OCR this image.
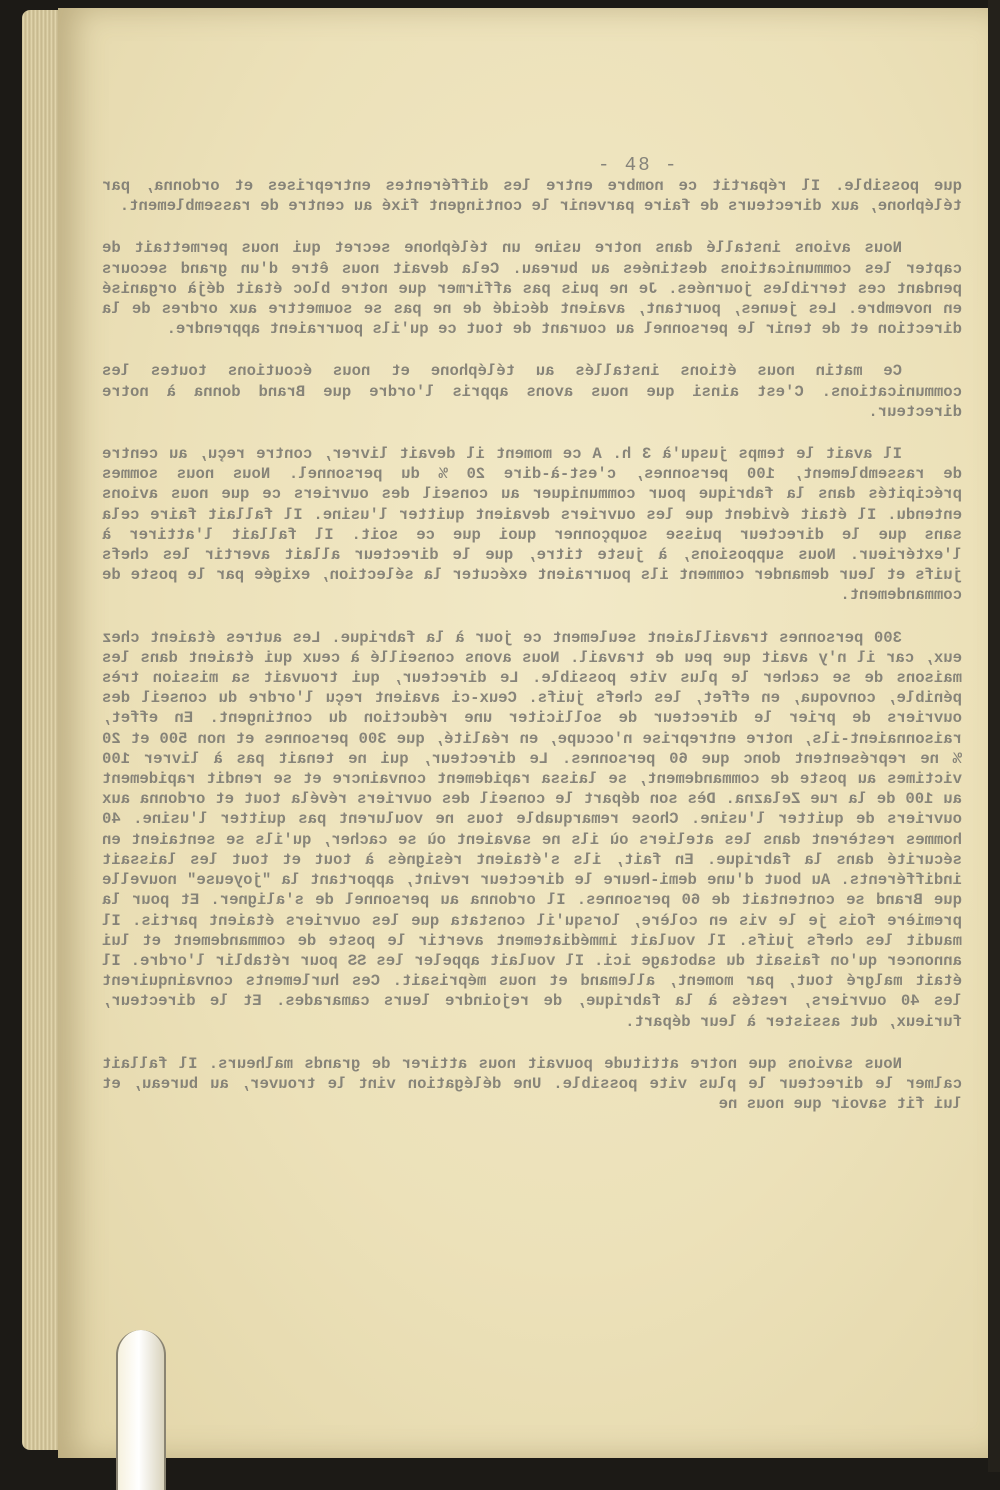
- 48 -

que possible. Il répartit ce nombre entre les différentes entreprises et ordonna, par téléphone, aux directeurs de faire parvenir le contingent fixé au centre de rassemblement.

Nous avions installé dans notre usine un téléphone secret qui nous permettait de capter les communications destinées au bureau. Cela devait nous être d'un grand secours pendant ces terribles journées. Je ne puis pas affirmer que notre bloc était déjà organisé en novembre. Les jeunes, pourtant, avaient décidé de ne pas se soumettre aux ordres de la direction et de tenir le personnel au courant de tout ce qu'ils pourraient apprendre.

Ce matin nous étions installés au téléphone et nous écoutions toutes les communications. C'est ainsi que nous avons appris l'ordre que Brand donna à notre directeur.

Il avait le temps jusqu'à 3 h. A ce moment il devait livrer, contre reçu, au centre de rassemblement, 100 personnes, c'est-à-dire 20 % du personnel. Nous nous sommes précipités dans la fabrique pour communiquer au conseil des ouvriers ce que nous avions entendu. Il était évident que les ouvriers devaient quitter l'usine. Il fallait faire cela sans que le directeur puisse soupçonner quoi que ce soit. Il fallait l'attirer à l'extérieur. Nous supposions, à juste titre, que le directeur allait avertir les chefs juifs et leur demander comment ils pourraient exécuter la sélection, exigée par le poste de commandement.

300 personnes travaillaient seulement ce jour à la fabrique. Les autres étaient chez eux, car il n'y avait que peu de travail. Nous avons conseillé à ceux qui étaient dans les maisons de se cacher le plus vite possible. Le directeur, qui trouvait sa mission très pénible, convoqua, en effet, les chefs juifs. Ceux-ci avaient reçu l'ordre du conseil des ouvriers de prier le directeur de solliciter une réduction du contingent. En effet, raisonnaient-ils, notre entreprise n'occupe, en réalité, que 300 personnes et non 500 et 20 % ne représentent donc que 60 personnes. Le directeur, qui ne tenait pas à livrer 100 victimes au poste de commandement, se laissa rapidement convaincre et se rendit rapidement au 100 de la rue Zelazna. Dès son départ le conseil des ouvriers révéla tout et ordonna aux ouvriers de quitter l'usine. Chose remarquable tous ne voulurent pas quitter l'usine. 40 hommes restèrent dans les ateliers où ils ne savaient où se cacher, qu'ils se sentaient en sécurité dans la fabrique. En fait, ils s'étaient résignés à tout et tout les laissait indifférents. Au bout d'une demi-heure le directeur revint, apportant la "joyeuse" nouvelle que Brand se contentait de 60 personnes. Il ordonna au personnel de s'aligner. Et pour la première fois je le vis en colère, lorsqu'il constata que les ouvriers étaient partis. Il maudit les chefs juifs. Il voulait immédiatement avertir le poste de commandement et lui annoncer qu'on faisait du sabotage ici. Il voulait appeler les SS pour rétablir l'ordre. Il était malgré tout, par moment, allemand et nous méprisait. Ces hurlements convainquirent les 40 ouvriers, restés à la fabrique, de rejoindre leurs camarades. Et le directeur, furieux, dut assister à leur départ.

Nous savions que notre attitude pouvait nous attirer de grands malheurs. Il fallait calmer le directeur le plus vite possible. Une délégation vint le trouver, au bureau, et lui fit savoir que nous ne
